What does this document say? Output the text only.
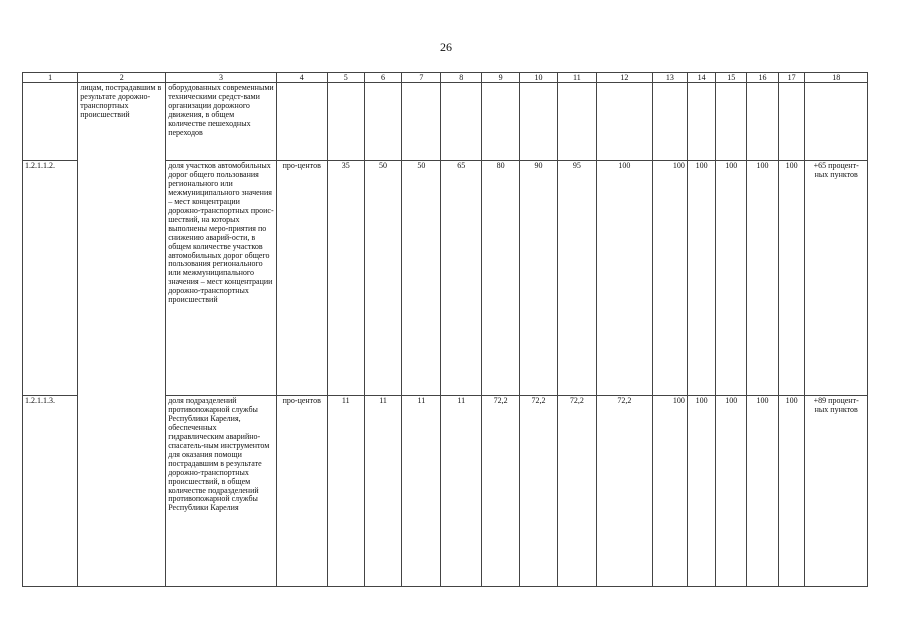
26
1	2	3	4	5	6	7	8	9	10	11	12	13	14	15	16	17	18
	лицам, пострадавшим в результате дорожно-транспортных происшествий	оборудованных современными техническими средст-вами организации дорожного движения, в общем количестве пешеходных переходов															
1.2.1.1.2.		доля участков автомобильных дорог общего пользования регионального или межмуниципального значения – мест концентрации дорожно-транспортных проис-шествий, на которых выполнены меро-приятия по снижению аварий-ости, в общем количестве участков автомобильных дорог общего пользования регионального или межмуниципального значения – мест концентрации дорожно-транспортных происшествий	про-центов	35	50	50	65	80	90	95	100	100	100	100	100	100	+65 процент-ных пунктов
1.2.1.1.3.		доля подразделений противопожарной службы Республики Карелия, обеспеченных гидравлическим аварийно-спасатель-ным инструментом для оказания помощи пострадавшим в результате дорожно-транспортных происшествий, в общем количестве подразделений противопожарной службы Республики Карелия	про-центов	11	11	11	11	72,2	72,2	72,2	72,2	100	100	100	100	100	+89 процент-ных пунктов
